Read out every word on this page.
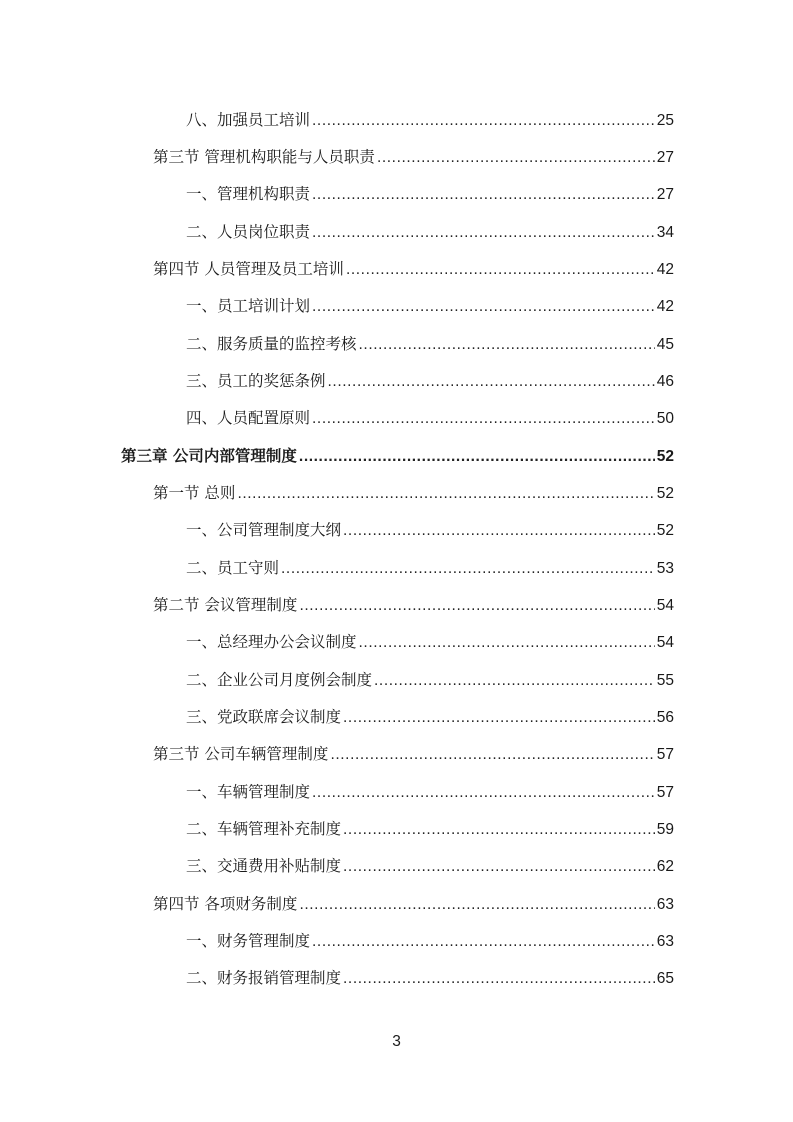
八、加强员工培训 .....	25
第三节 管理机构职能与人员职责 .....	27
一、管理机构职责 .....	27
二、人员岗位职责 .....	34
第四节 人员管理及员工培训 .....	42
一、员工培训计划 .....	42
二、服务质量的监控考核 .....	45
三、员工的奖惩条例 .....	46
四、人员配置原则 .....	50
第三章 公司内部管理制度 .....	52
第一节 总则 .....	52
一、公司管理制度大纲 .....	52
二、员工守则 .....	53
第二节 会议管理制度 .....	54
一、总经理办公会议制度 .....	54
二、企业公司月度例会制度 .....	55
三、党政联席会议制度 .....	56
第三节 公司车辆管理制度 .....	57
一、车辆管理制度 .....	57
二、车辆管理补充制度 .....	59
三、交通费用补贴制度 .....	62
第四节 各项财务制度 .....	63
一、财务管理制度 .....	63
二、财务报销管理制度 .....	65
3
